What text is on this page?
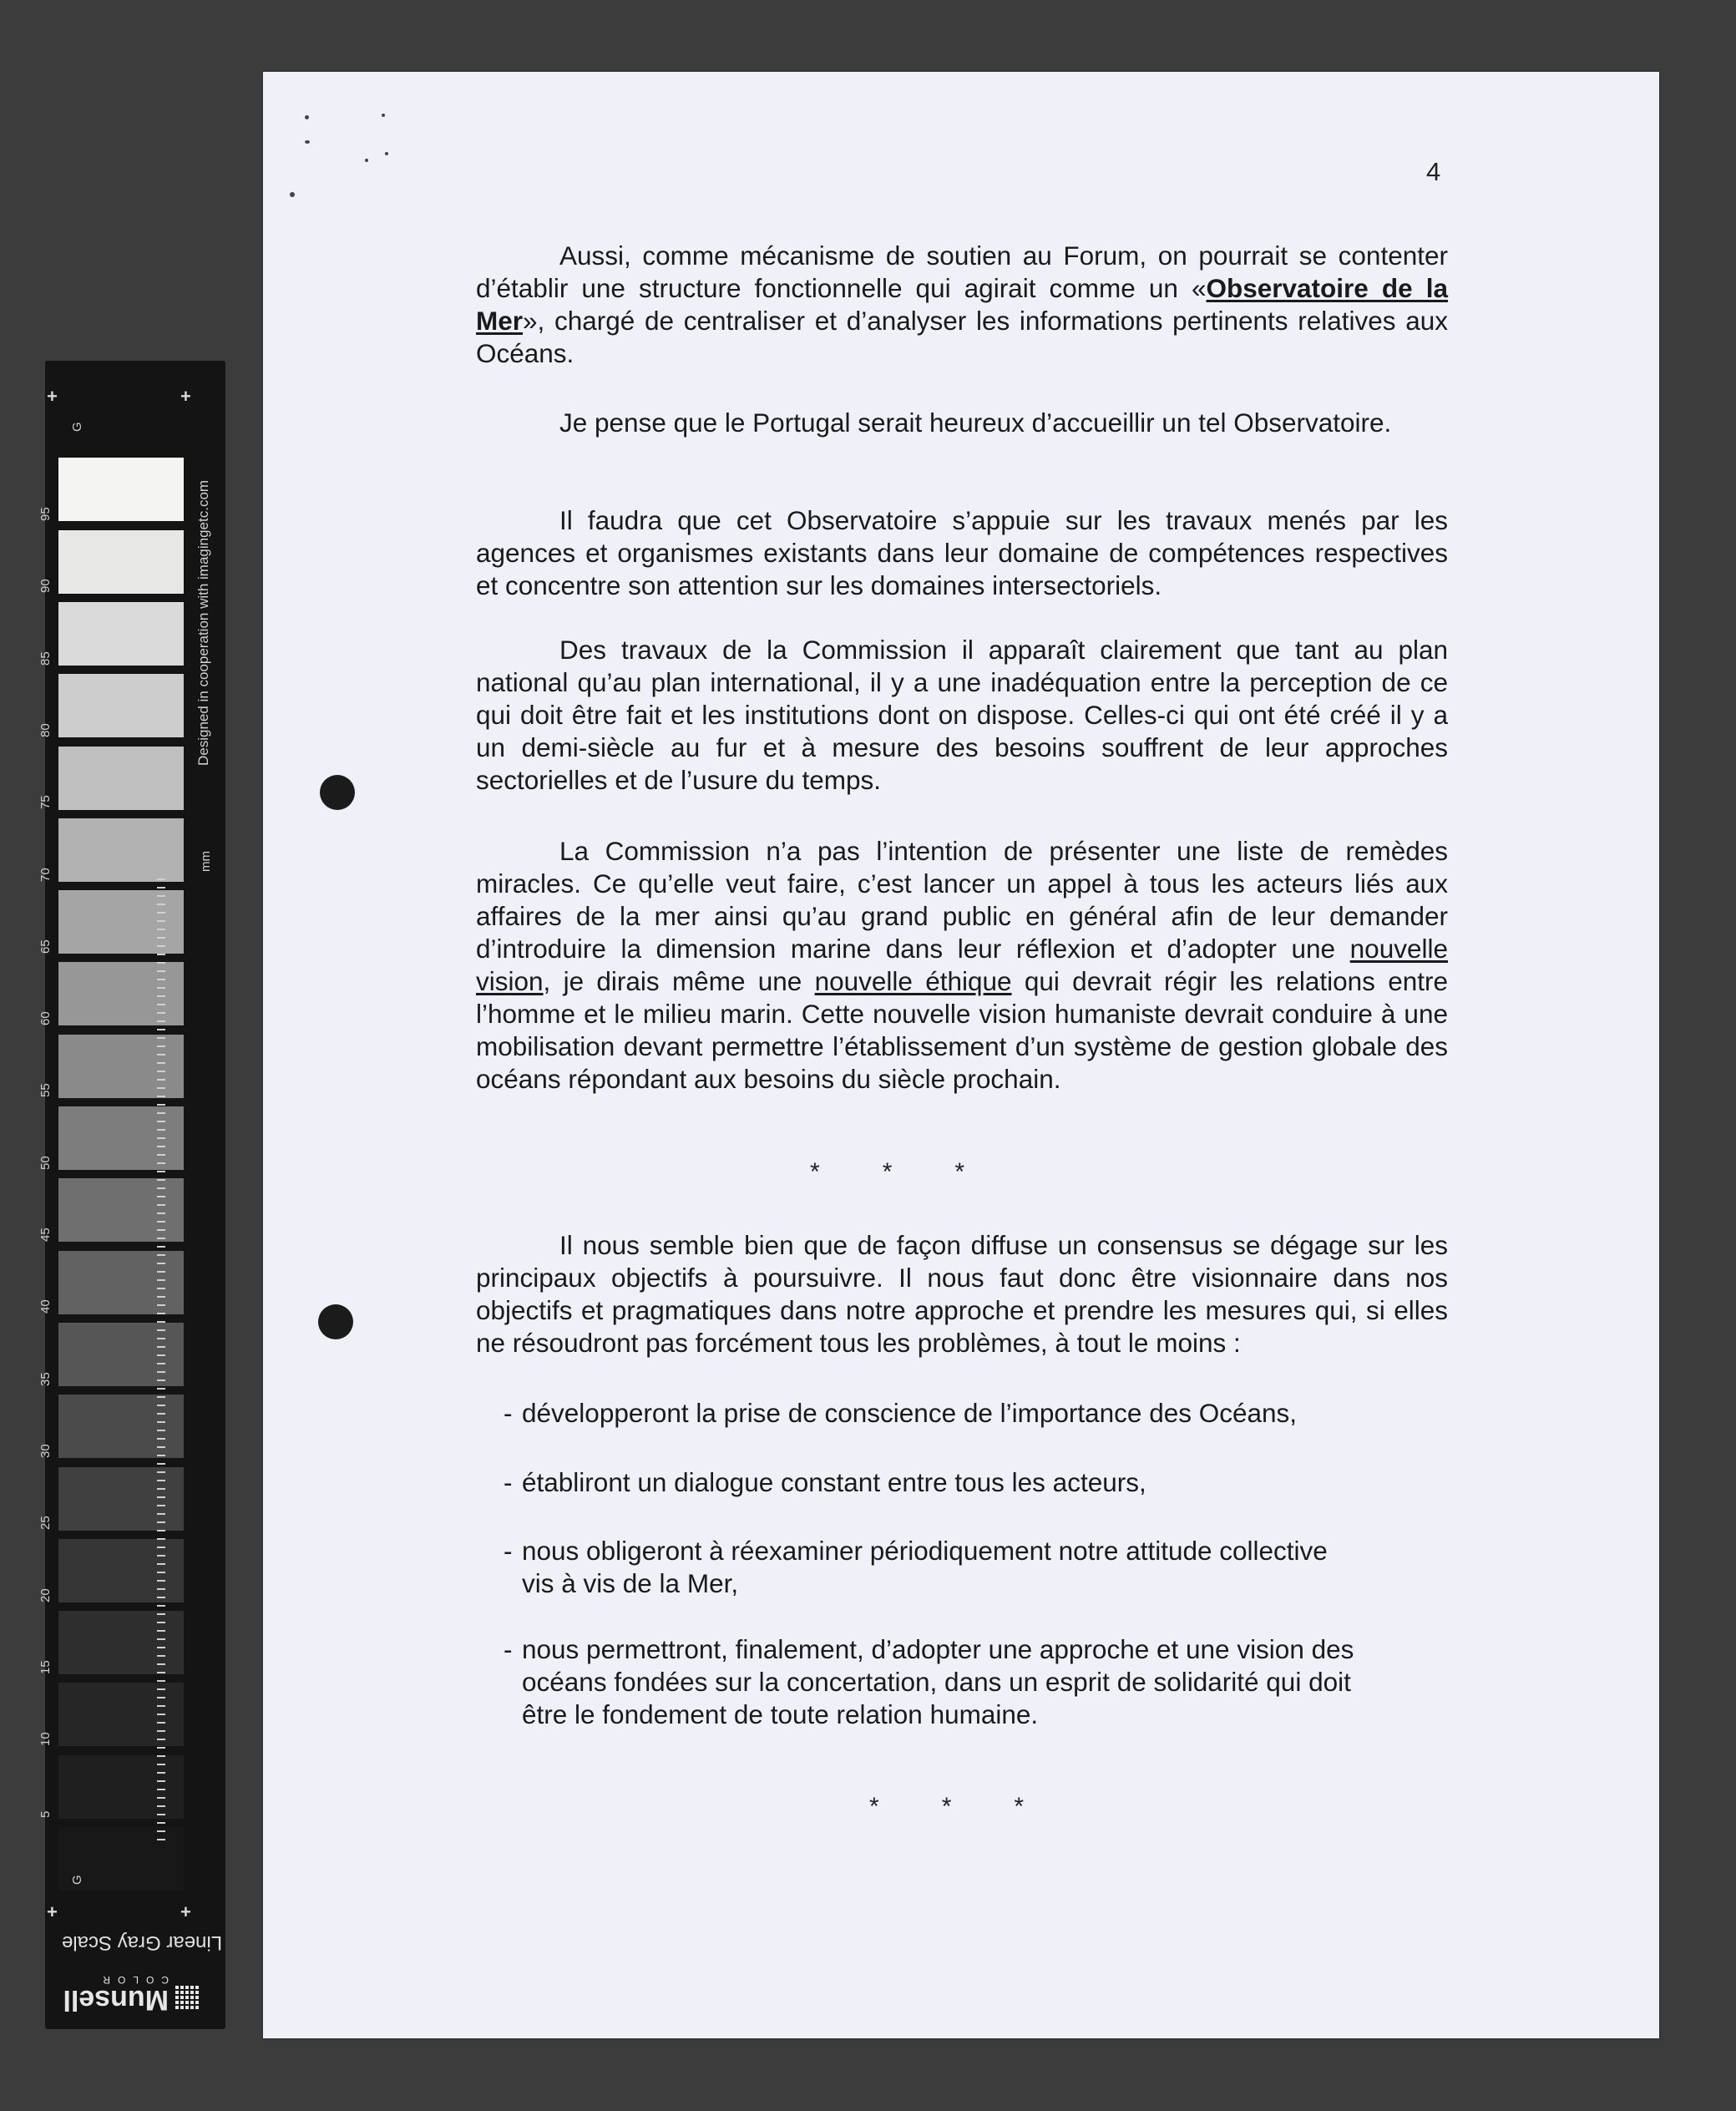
95
90
85
80
75
70
65
60
55
50
45
40
35
30
25
20
15
10
5
+	+
+	+
G
G
Designed in cooperation with imagingetc.com
mm
Linear Gray Scale
Munsell
COLOR
4

Aussi, comme mécanisme de soutien au Forum, on pourrait se contenter d’établir une structure fonctionnelle qui agirait comme un «Observatoire de la Mer», chargé de centraliser et d’analyser les informations pertinents relatives aux Océans.

Je pense que le Portugal serait heureux d’accueillir un tel Observatoire.

Il faudra que cet Observatoire s’appuie sur les travaux menés par les agences et organismes existants dans leur domaine de compétences respectives et concentre son attention sur les domaines intersectoriels.

Des travaux de la Commission il apparaît clairement que tant au plan national qu’au plan international, il y a une inadéquation entre la perception de ce qui doit être fait et les institutions dont on dispose. Celles-ci qui ont été créé il y a un demi-siècle au fur et à mesure des besoins souffrent de leur approches sectorielles et de l’usure du temps.

La Commission n’a pas l’intention de présenter une liste de remèdes miracles. Ce qu’elle veut faire, c’est lancer un appel à tous les acteurs liés aux affaires de la mer ainsi qu’au grand public en général afin de leur demander d’introduire la dimension marine dans leur réflexion et d’adopter une nouvelle vision, je dirais même une nouvelle éthique qui devrait régir les relations entre l’homme et le milieu marin. Cette nouvelle vision humaniste devrait conduire à une mobilisation devant permettre l’établissement d’un système de gestion globale des océans répondant aux besoins du siècle prochain.

*	*	*

Il nous semble bien que de façon diffuse un consensus se dégage sur les principaux objectifs à poursuivre. Il nous faut donc être visionnaire dans nos objectifs et pragmatiques dans notre approche et prendre les mesures qui, si elles ne résoudront pas forcément tous les problèmes, à tout le moins :

- développeront la prise de conscience de l’importance des Océans,
- établiront un dialogue constant entre tous les acteurs,
- nous obligeront à réexaminer périodiquement notre attitude collective
vis à vis de la Mer,
- nous permettront, finalement, d’adopter une approche et une vision des
océans fondées sur la concertation, dans un esprit de solidarité qui doit
être le fondement de toute relation humaine.
*	*	*
